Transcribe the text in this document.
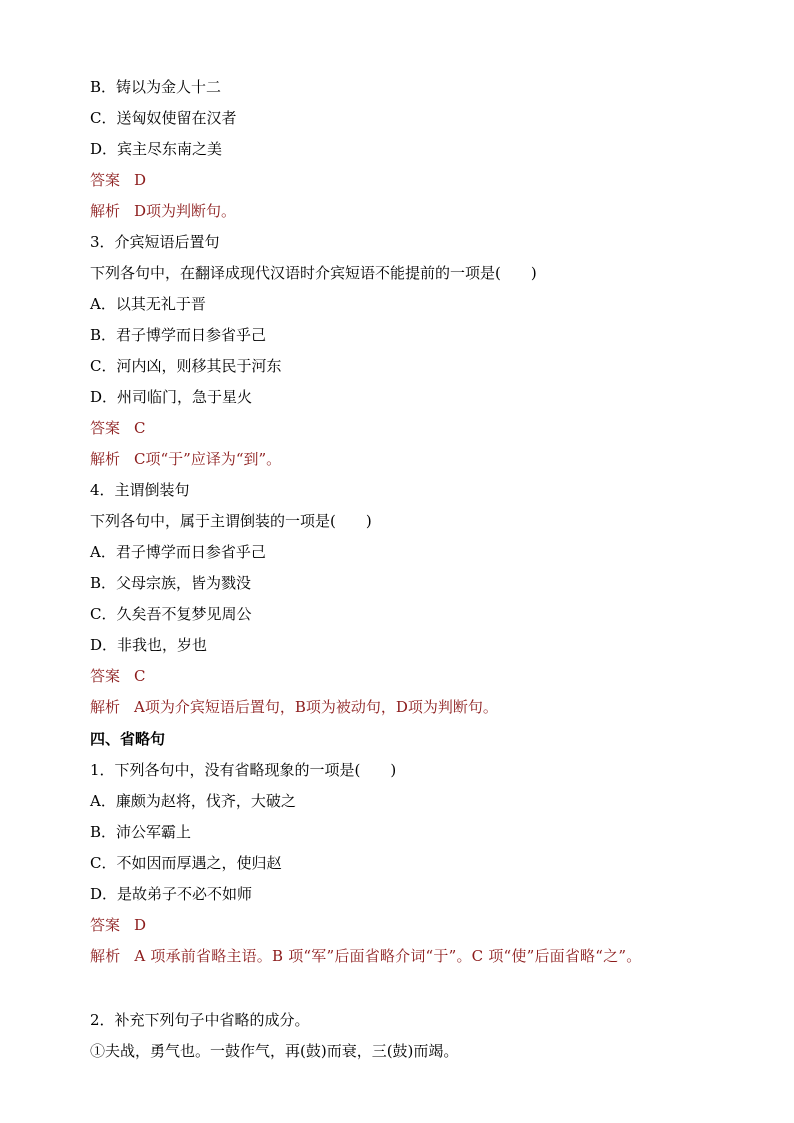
B．铸以为金人十二
C．送匈奴使留在汉者
D．宾主尽东南之美
答案 D
解析 D项为判断句。
3．介宾短语后置句
下列各句中，在翻译成现代汉语时介宾短语不能提前的一项是(　　)
A．以其无礼于晋
B．君子博学而日参省乎己
C．河内凶，则移其民于河东
D．州司临门，急于星火
答案 C
解析 C项“于”应译为“到”。
4．主谓倒装句
下列各句中，属于主谓倒装的一项是(　　)
A．君子博学而日参省乎己
B．父母宗族，皆为戮没
C．久矣吾不复梦见周公
D．非我也，岁也
答案 C
解析 A项为介宾短语后置句，B项为被动句，D项为判断句。
四、省略句
1．下列各句中，没有省略现象的一项是(　　)
A．廉颇为赵将，伐齐，大破之
B．沛公军霸上
C．不如因而厚遇之，使归赵
D．是故弟子不必不如师
答案 D
解析 A 项承前省略主语。B 项“军”后面省略介词“于”。C 项“使”后面省略“之”。
2．补充下列句子中省略的成分。
①夫战，勇气也。一鼓作气，再(鼓)而衰，三(鼓)而竭。
